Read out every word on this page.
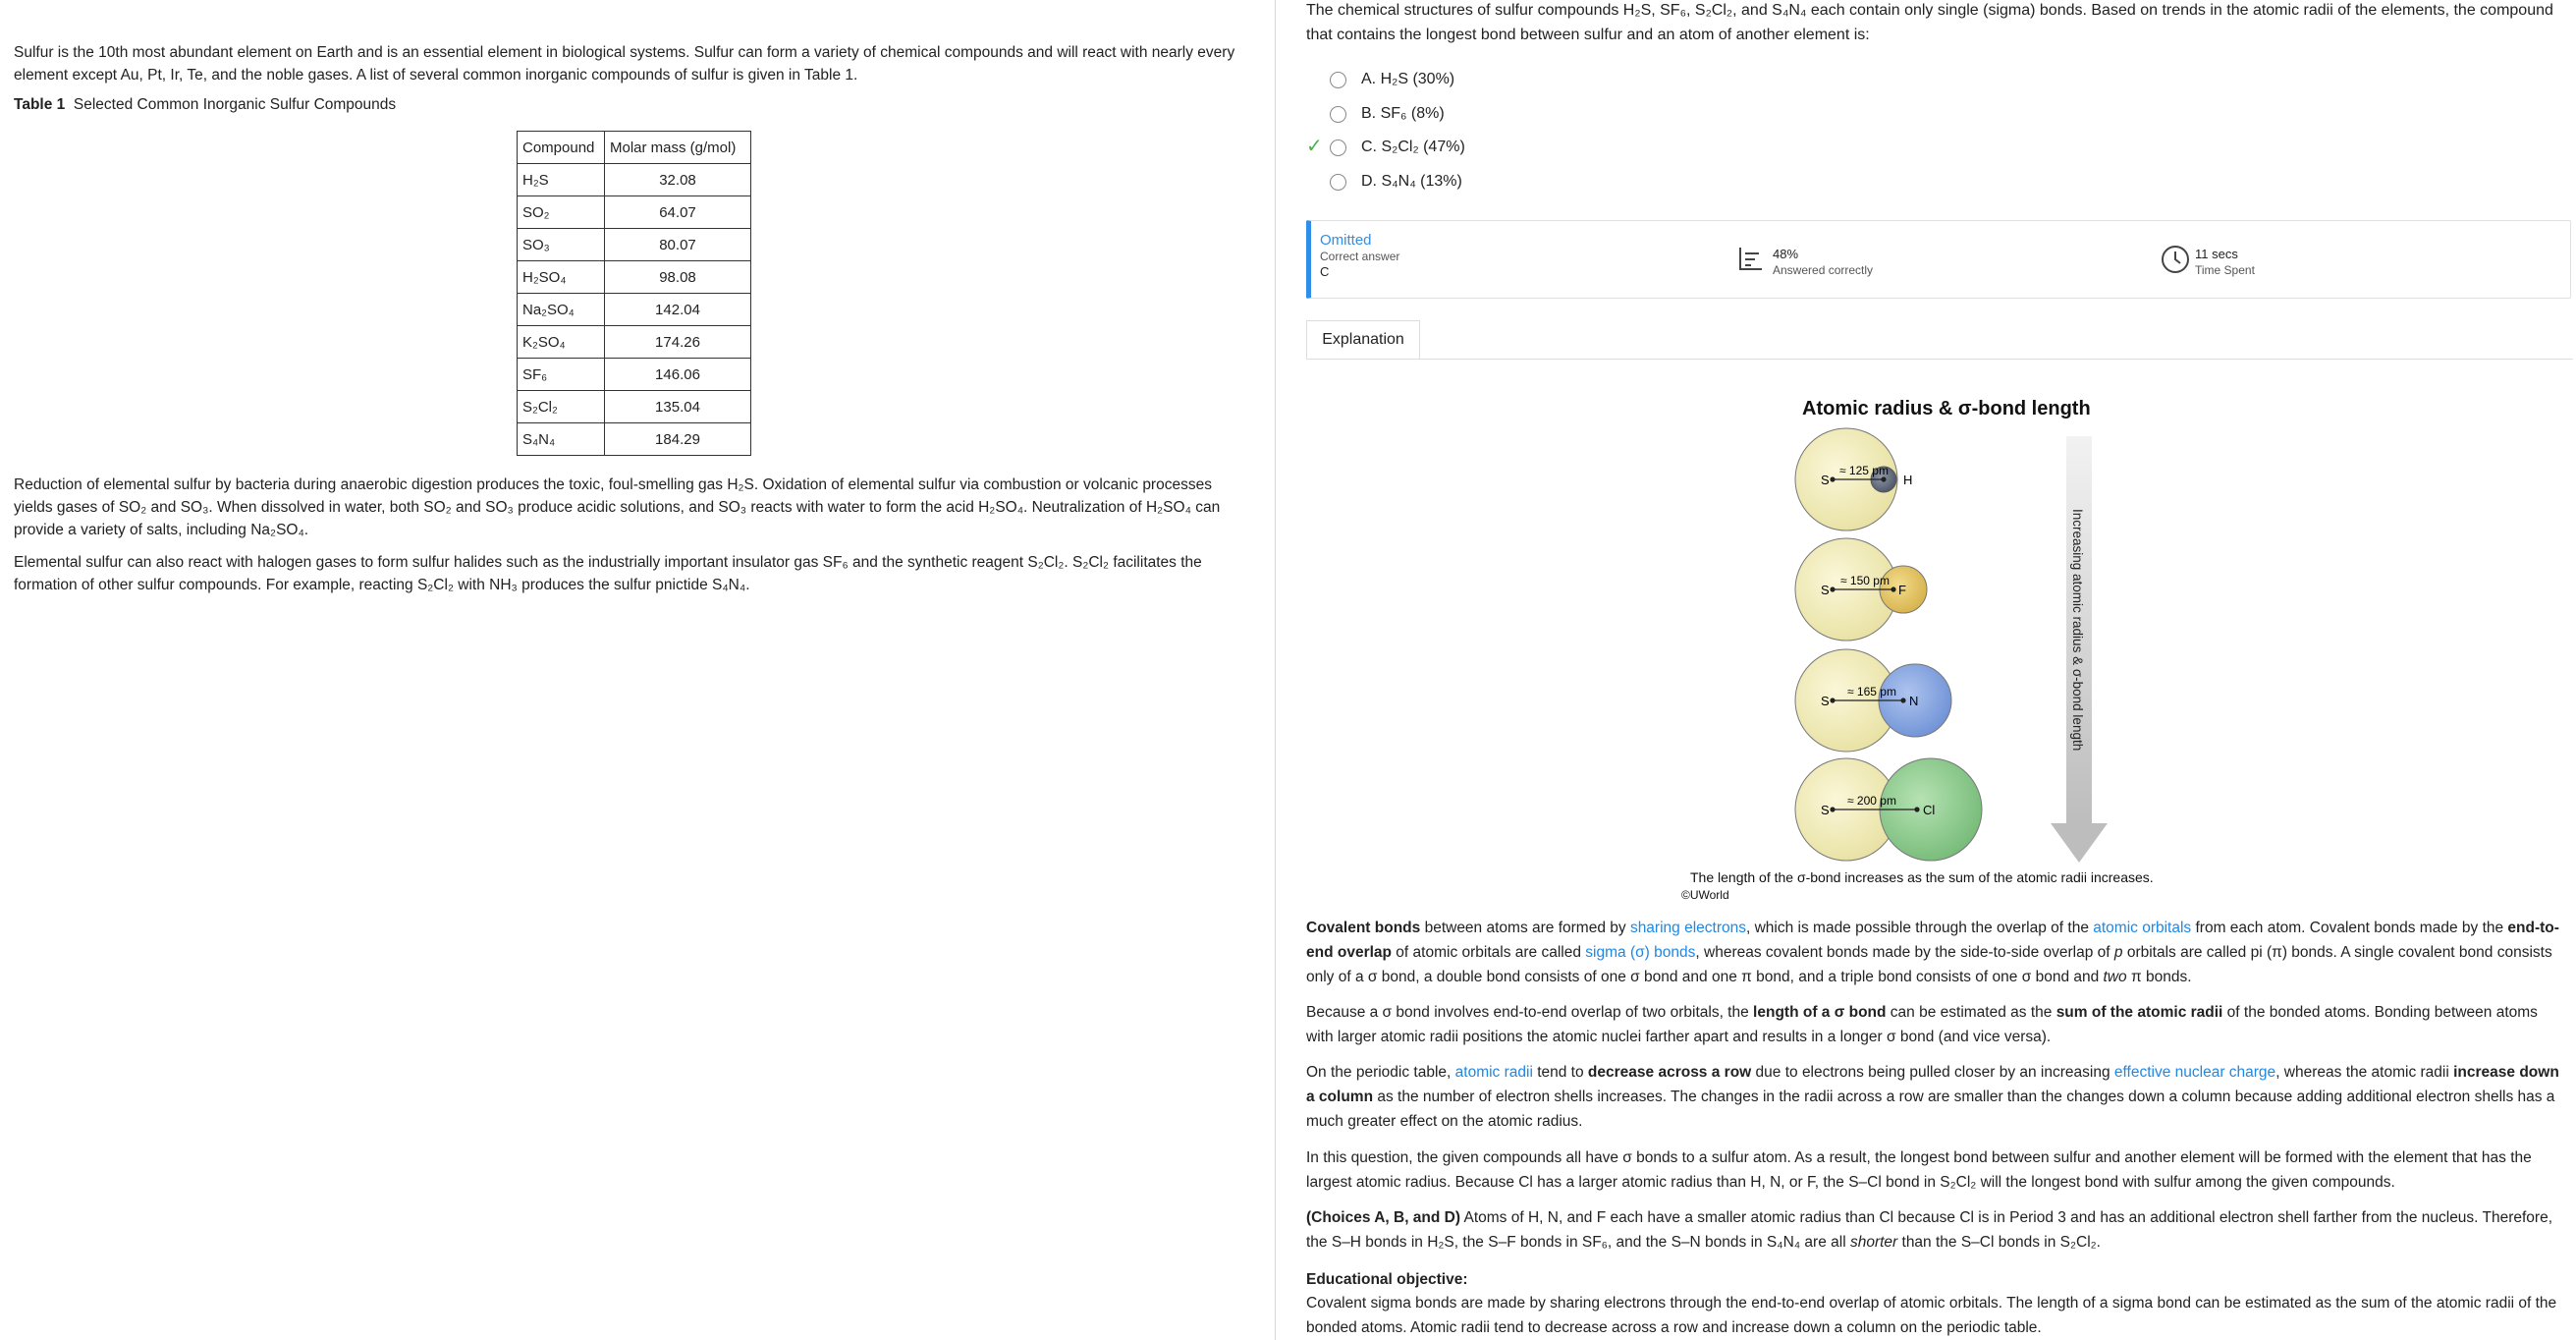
Sulfur is the 10th most abundant element on Earth and is an essential element in biological systems. Sulfur can form a variety of chemical compounds and will react with nearly every element except Au, Pt, Ir, Te, and the noble gases. A list of several common inorganic compounds of sulfur is given in Table 1.

Table 1 Selected Common Inorganic Sulfur Compounds
Compound	Molar mass (g/mol)
H₂S	32.08
SO₂	64.07
SO₃	80.07
H₂SO₄	98.08
Na₂SO₄	142.04
K₂SO₄	174.26
SF₆	146.06
S₂Cl₂	135.04
S₄N₄	184.29

Reduction of elemental sulfur by bacteria during anaerobic digestion produces the toxic, foul-smelling gas H₂S. Oxidation of elemental sulfur via combustion or volcanic processes yields gases of SO₂ and SO₃. When dissolved in water, both SO₂ and SO₃ produce acidic solutions, and SO₃ reacts with water to form the acid H₂SO₄. Neutralization of H₂SO₄ can provide a variety of salts, including Na₂SO₄.

Elemental sulfur can also react with halogen gases to form sulfur halides such as the industrially important insulator gas SF₆ and the synthetic reagent S₂Cl₂. S₂Cl₂ facilitates the formation of other sulfur compounds. For example, reacting S₂Cl₂ with NH₃ produces the sulfur pnictide S₄N₄.

The chemical structures of sulfur compounds H₂S, SF₆, S₂Cl₂, and S₄N₄ each contain only single (sigma) bonds. Based on trends in the atomic radii of the elements, the compound that contains the longest bond between sulfur and an atom of another element is:

A. H₂S (30%)
B. SF₆ (8%)
✓ C. S₂Cl₂ (47%)
D. S₄N₄ (13%)
Omitted
Correct answer
C
48%
Answered correctly
11 secs
Time Spent
Explanation
Atomic radius & σ-bond length
S	H
≈ 125 pm
S	F
≈ 150 pm
S	N
≈ 165 pm
S	Cl
≈ 200 pm
Increasing atomic radius & σ-bond length
The length of the σ-bond increases as the sum of the atomic radii increases.
©UWorld

Covalent bonds between atoms are formed by sharing electrons, which is made possible through the overlap of the atomic orbitals from each atom. Covalent bonds made by the end-to-end overlap of atomic orbitals are called sigma (σ) bonds, whereas covalent bonds made by the side-to-side overlap of p orbitals are called pi (π) bonds. A single covalent bond consists only of a σ bond, a double bond consists of one σ bond and one π bond, and a triple bond consists of one σ bond and two π bonds.

Because a σ bond involves end-to-end overlap of two orbitals, the length of a σ bond can be estimated as the sum of the atomic radii of the bonded atoms. Bonding between atoms with larger atomic radii positions the atomic nuclei farther apart and results in a longer σ bond (and vice versa).

On the periodic table, atomic radii tend to decrease across a row due to electrons being pulled closer by an increasing effective nuclear charge, whereas the atomic radii increase down a column as the number of electron shells increases. The changes in the radii across a row are smaller than the changes down a column because adding additional electron shells has a much greater effect on the atomic radius.

In this question, the given compounds all have σ bonds to a sulfur atom. As a result, the longest bond between sulfur and another element will be formed with the element that has the largest atomic radius. Because Cl has a larger atomic radius than H, N, or F, the S–Cl bond in S₂Cl₂ will the longest bond with sulfur among the given compounds.

(Choices A, B, and D) Atoms of H, N, and F each have a smaller atomic radius than Cl because Cl is in Period 3 and has an additional electron shell farther from the nucleus. Therefore, the S–H bonds in H₂S, the S–F bonds in SF₆, and the S–N bonds in S₄N₄ are all shorter than the S–Cl bonds in S₂Cl₂.

Educational objective:

Covalent sigma bonds are made by sharing electrons through the end-to-end overlap of atomic orbitals. The length of a sigma bond can be estimated as the sum of the atomic radii of the bonded atoms. Atomic radii tend to decrease across a row and increase down a column on the periodic table.
